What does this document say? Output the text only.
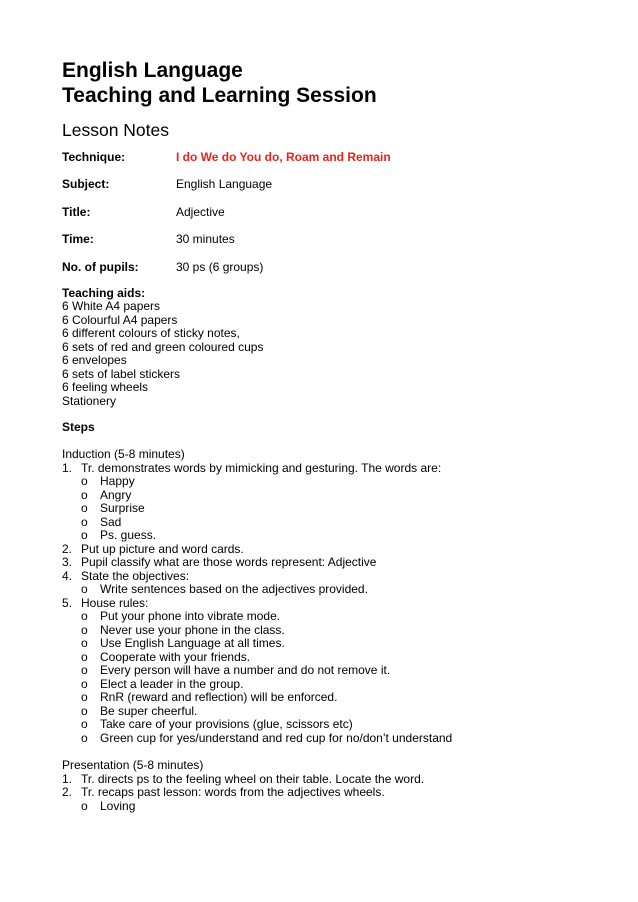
English Language
Teaching and Learning Session
Lesson Notes
Technique:	I do We do You do, Roam and Remain
Subject:	English Language
Title:	Adjective
Time:	30 minutes
No. of pupils:	30 ps (6 groups)
Teaching aids:
6 White A4 papers
6 Colourful A4 papers
6 different colours of sticky notes,
6 sets of red and green coloured cups
6 envelopes
6 sets of label stickers
6 feeling wheels
Stationery
Steps
Induction (5-8 minutes)
1. Tr. demonstrates words by mimicking and gesturing. The words are:
o Happy
o Angry
o Surprise
o Sad
o Ps. guess.
2. Put up picture and word cards.
3. Pupil classify what are those words represent: Adjective
4. State the objectives:
o Write sentences based on the adjectives provided.
5. House rules:
o Put your phone into vibrate mode.
o Never use your phone in the class.
o Use English Language at all times.
o Cooperate with your friends.
o Every person will have a number and do not remove it.
o Elect a leader in the group.
o RnR (reward and reflection) will be enforced.
o Be super cheerful.
o Take care of your provisions (glue, scissors etc)
o Green cup for yes/understand and red cup for no/don’t understand
Presentation (5-8 minutes)
1. Tr. directs ps to the feeling wheel on their table. Locate the word.
2. Tr. recaps past lesson: words from the adjectives wheels.
o Loving
